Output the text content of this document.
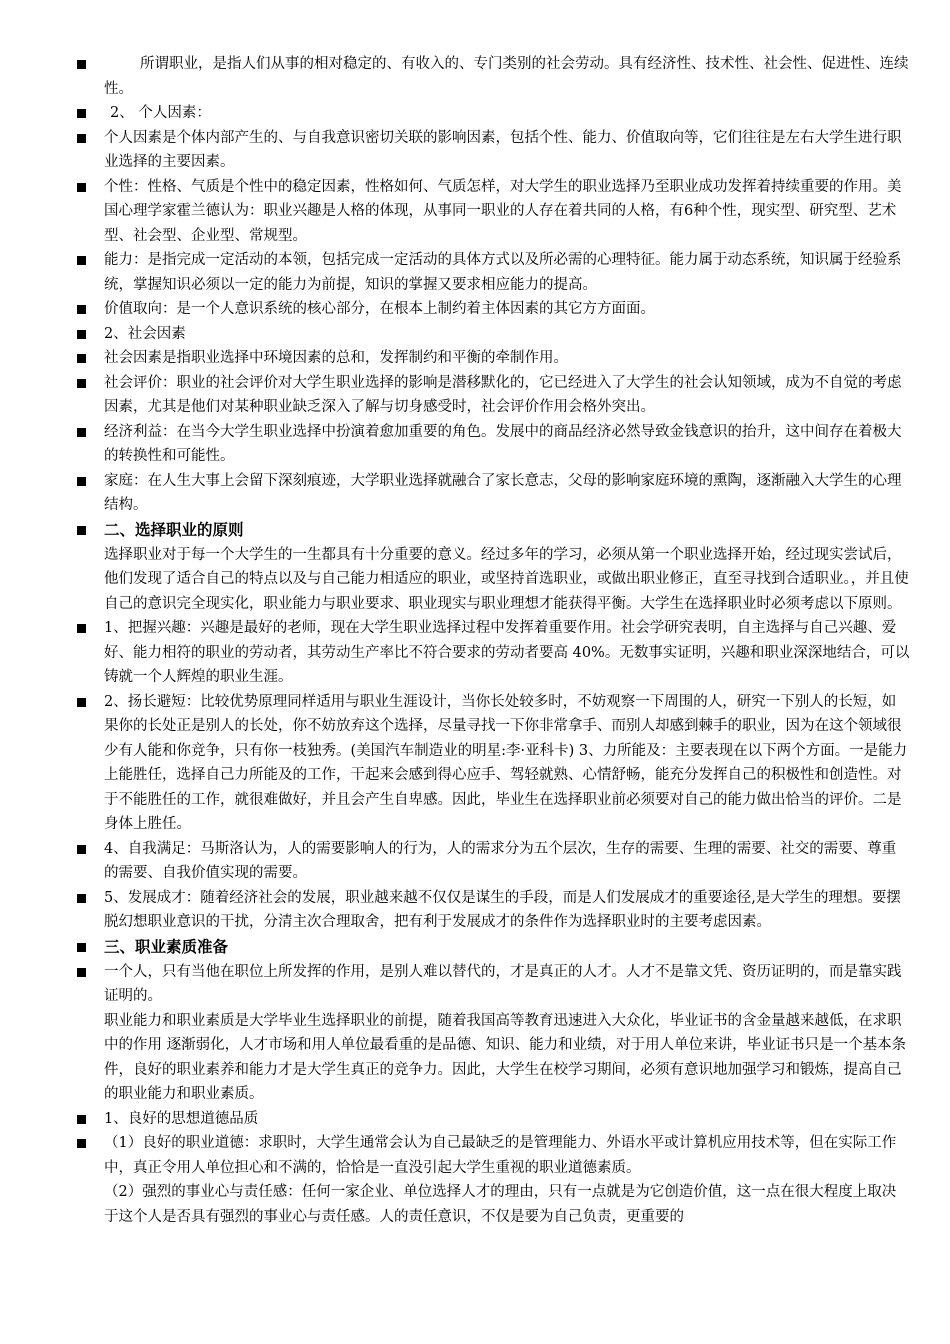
所谓职业，是指人们从事的相对稳定的、有收入的、专门类别的社会劳动。具有经济性、技术性、社会性、促进性、连续性。
2、 个人因素：
个人因素是个体内部产生的、与自我意识密切关联的影响因素，包括个性、能力、价值取向等，它们往往是左右大学生进行职业选择的主要因素。
个性：性格、气质是个性中的稳定因素，性格如何、气质怎样，对大学生的职业选择乃至职业成功发挥着持续重要的作用。美国心理学家霍兰德认为：职业兴趣是人格的体现，从事同一职业的人存在着共同的人格，有6种个性，现实型、研究型、艺术型、社会型、企业型、常规型。
能力：是指完成一定活动的本领，包括完成一定活动的具体方式以及所必需的心理特征。能力属于动态系统，知识属于经验系统，掌握知识必须以一定的能力为前提，知识的掌握又要求相应能力的提高。
价值取向：是一个人意识系统的核心部分，在根本上制约着主体因素的其它方方面面。
2、社会因素
社会因素是指职业选择中环境因素的总和，发挥制约和平衡的牵制作用。
社会评价：职业的社会评价对大学生职业选择的影响是潜移默化的，它已经进入了大学生的社会认知领域，成为不自觉的考虑因素，尤其是他们对某种职业缺乏深入了解与切身感受时，社会评价作用会格外突出。
经济利益：在当今大学生职业选择中扮演着愈加重要的角色。发展中的商品经济必然导致金钱意识的抬升，这中间存在着极大的转换性和可能性。
家庭：在人生大事上会留下深刻痕迹，大学职业选择就融合了家长意志，父母的影响家庭环境的熏陶，逐渐融入大学生的心理结构。
二、选择职业的原则
选择职业对于每一个大学生的一生都具有十分重要的意义。经过多年的学习，必须从第一个职业选择开始，经过现实尝试后，他们发现了适合自己的特点以及与自己能力相适应的职业，或坚持首选职业，或做出职业修正，直至寻找到合适职业。，并且使自己的意识完全现实化，职业能力与职业要求、职业现实与职业理想才能获得平衡。大学生在选择职业时必须考虑以下原则。
1、把握兴趣：兴趣是最好的老师，现在大学生职业选择过程中发挥着重要作用。社会学研究表明，自主选择与自己兴趣、爱好、能力相符的职业的劳动者，其劳动生产率比不符合要求的劳动者要高 40%。无数事实证明，兴趣和职业深深地结合，可以铸就一个人辉煌的职业生涯。
2、扬长避短：比较优势原理同样适用与职业生涯设计，当你长处较多时，不妨观察一下周围的人，研究一下别人的长短，如果你的长处正是别人的长处，你不妨放弃这个选择，尽量寻找一下你非常拿手、而别人却感到棘手的职业，因为在这个领域很少有人能和你竞争，只有你一枝独秀。(美国汽车制造业的明星:李·亚科卡) 3、力所能及：主要表现在以下两个方面。一是能力上能胜任，选择自己力所能及的工作，干起来会感到得心应手、驾轻就熟、心情舒畅，能充分发挥自己的积极性和创造性。对于不能胜任的工作，就很难做好，并且会产生自卑感。因此，毕业生在选择职业前必须要对自己的能力做出恰当的评价。二是身体上胜任。
4、自我满足：马斯洛认为，人的需要影响人的行为，人的需求分为五个层次，生存的需要、生理的需要、社交的需要、尊重的需要、自我价值实现的需要。
5、发展成才：随着经济社会的发展，职业越来越不仅仅是谋生的手段，而是人们发展成才的重要途径,是大学生的理想。要摆脱幻想职业意识的干扰，分清主次合理取舍，把有利于发展成才的条件作为选择职业时的主要考虑因素。
三、职业素质准备
一个人，只有当他在职位上所发挥的作用，是别人难以替代的，才是真正的人才。人才不是靠文凭、资历证明的，而是靠实践证明的。
职业能力和职业素质是大学毕业生选择职业的前提，随着我国高等教育迅速进入大众化，毕业证书的含金量越来越低，在求职中的作用 逐渐弱化，人才市场和用人单位最看重的是品德、知识、能力和业绩，对于用人单位来讲，毕业证书只是一个基本条件，良好的职业素养和能力才是大学生真正的竞争力。因此，大学生在校学习期间，必须有意识地加强学习和锻炼，提高自己的职业能力和职业素质。
1、良好的思想道德品质
（1）良好的职业道德：求职时，大学生通常会认为自己最缺乏的是管理能力、外语水平或计算机应用技术等，但在实际工作中，真正令用人单位担心和不满的，恰恰是一直没引起大学生重视的职业道德素质。
（2）强烈的事业心与责任感：任何一家企业、单位选择人才的理由，只有一点就是为它创造价值，这一点在很大程度上取决于这个人是否具有强烈的事业心与责任感。人的责任意识，不仅是要为自己负责，更重要的
